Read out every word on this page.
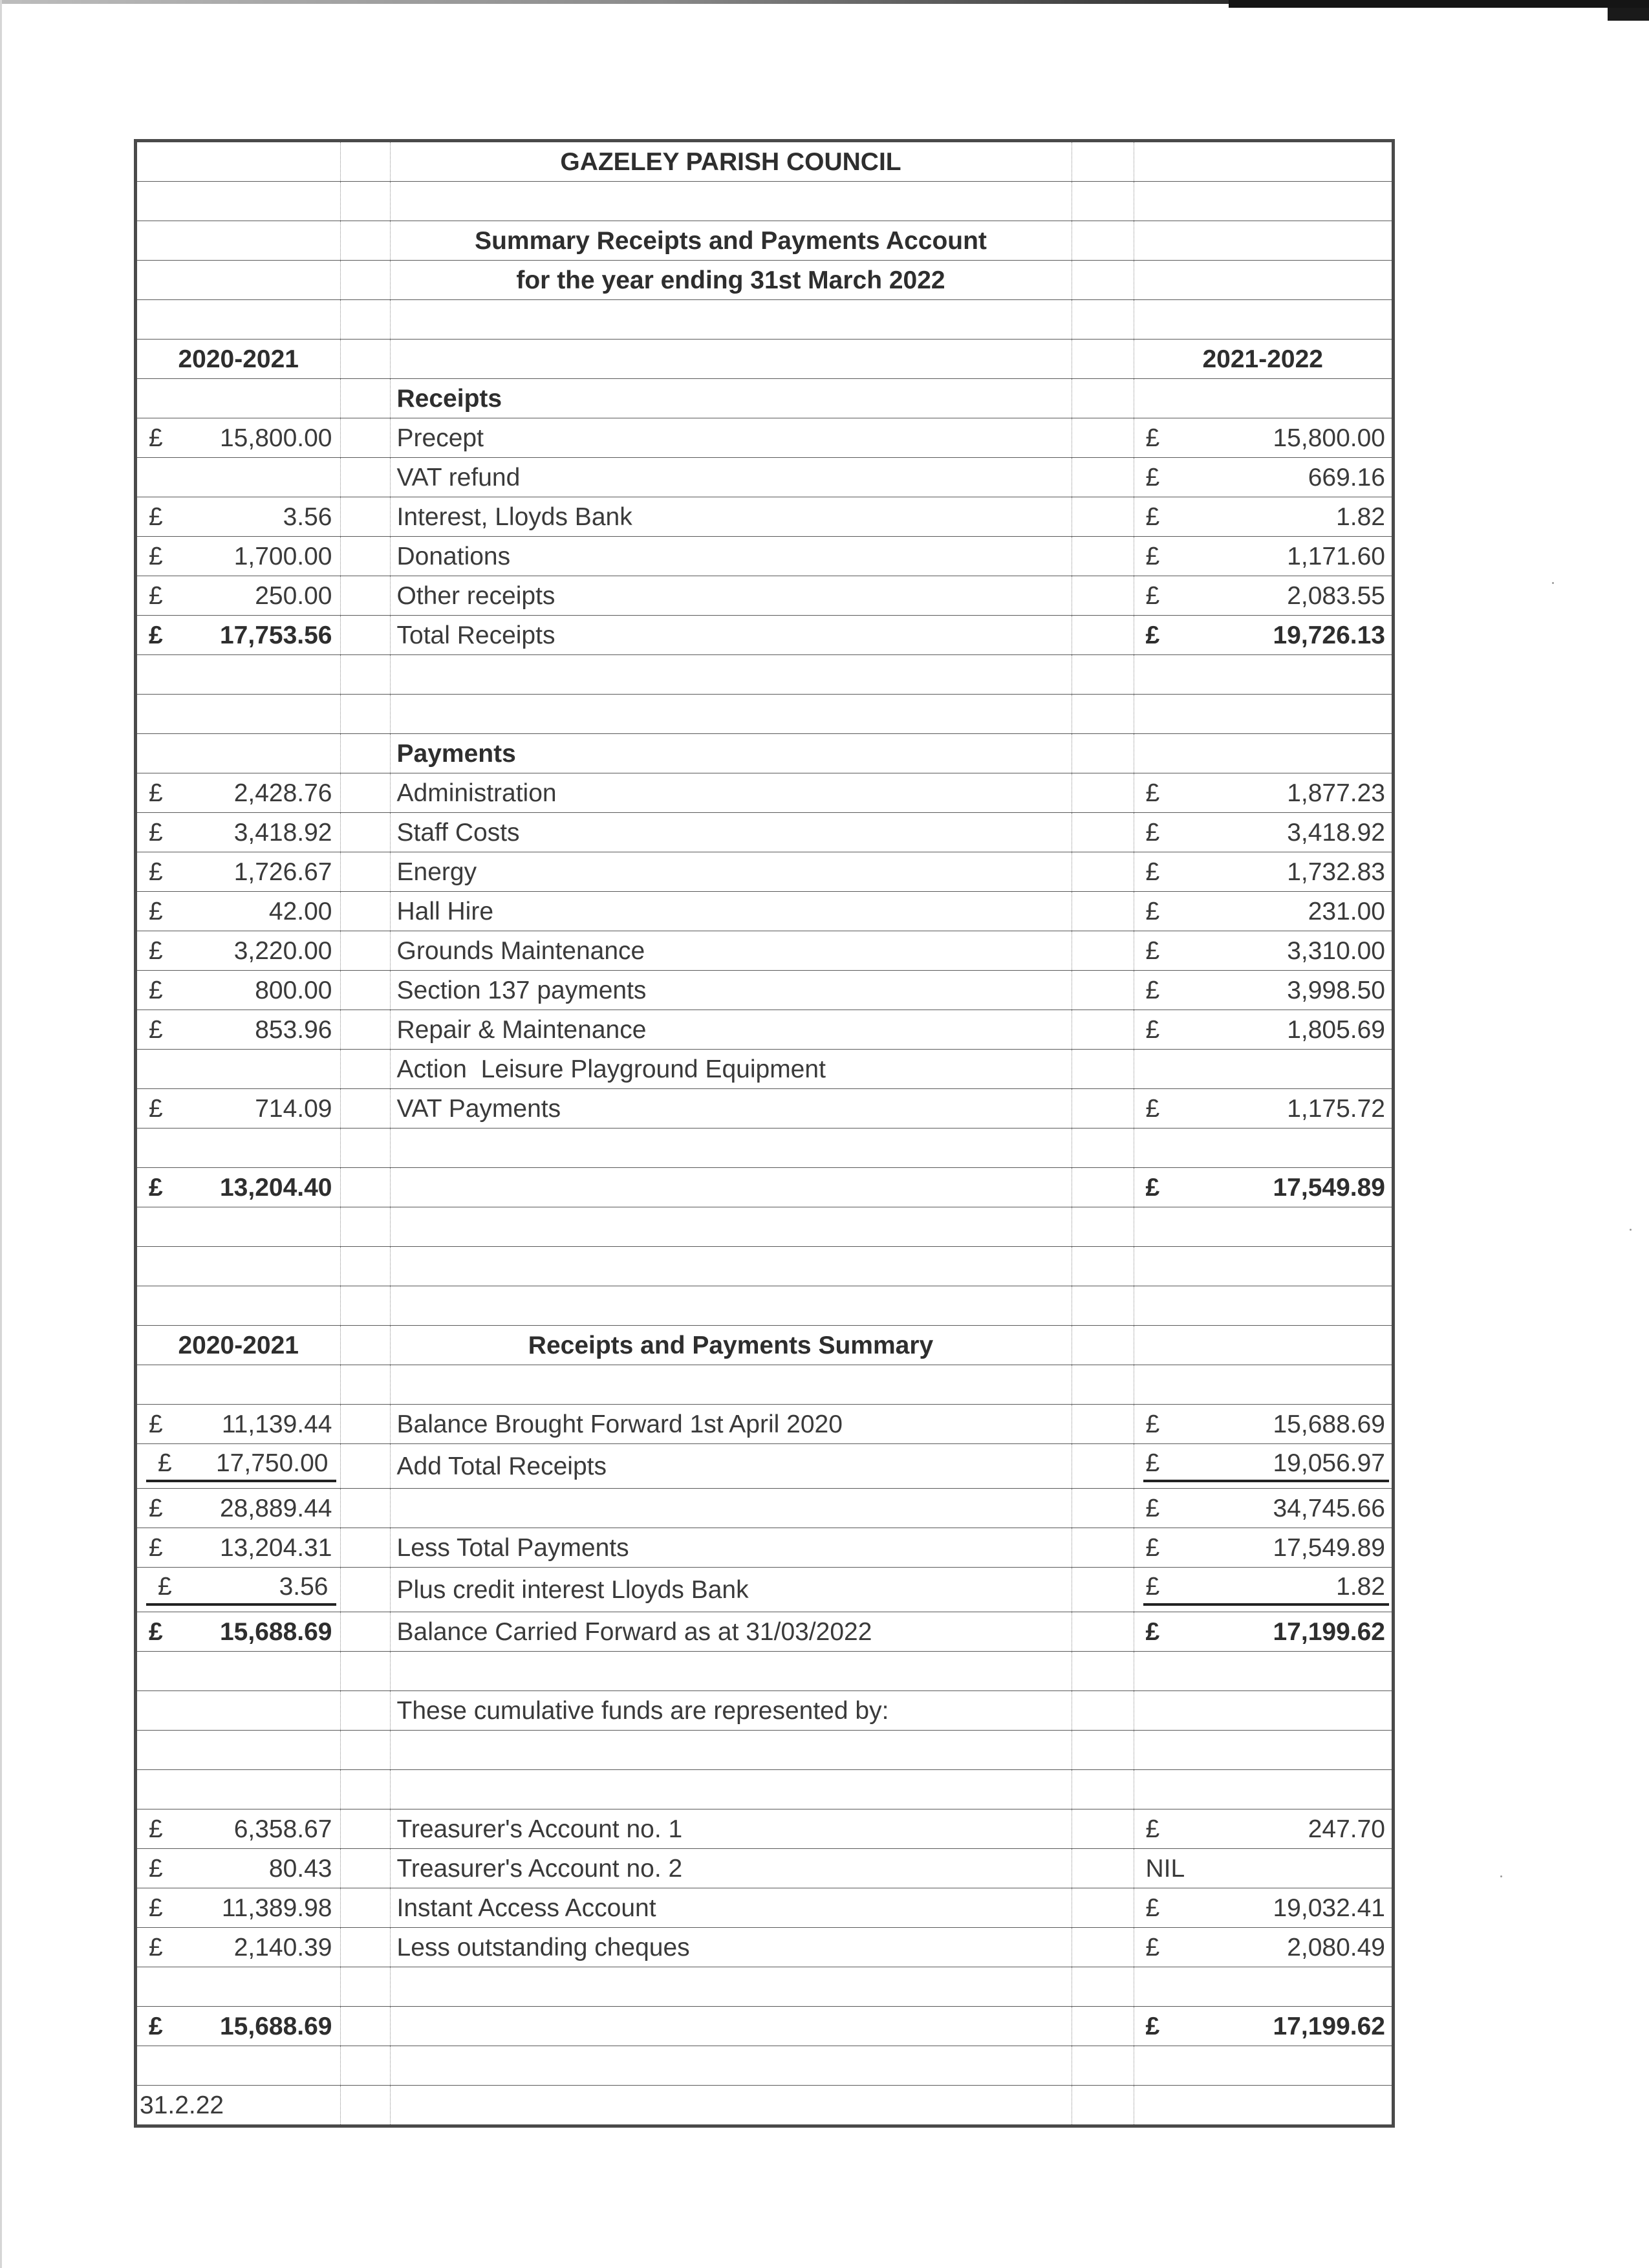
		GAZELEY PARISH COUNCIL		

		Summary Receipts and Payments Account		
		for the year ending 31st March 2022		

2020-2021				2021-2022
		Receipts		

£ 15,800.00		Precept		£ 15,800.00

		VAT refund		£ 669.16

£ 3.56		Interest, Lloyds Bank		£ 1.82

£ 1,700.00		Donations		£ 1,171.60

£ 250.00		Other receipts		£ 2,083.55

£ 17,753.56		Total Receipts		£ 19,726.13

		Payments		

£ 2,428.76		Administration		£ 1,877.23

£ 3,418.92		Staff Costs		£ 3,418.92

£ 1,726.67		Energy		£ 1,732.83

£ 42.00		Hall Hire		£ 231.00

£ 3,220.00		Grounds Maintenance		£ 3,310.00

£ 800.00		Section 137 payments		£ 3,998.50

£ 853.96		Repair & Maintenance		£ 1,805.69

		Action  Leisure Playground Equipment		

£ 714.09		VAT Payments		£ 1,175.72

£ 13,204.40				£ 17,549.89

2020-2021		Receipts and Payments Summary		

£ 11,139.44		Balance Brought Forward 1st April 2020		£ 15,688.69

£ 17,750.00		Add Total Receipts		£ 19,056.97

£ 28,889.44				£ 34,745.66

£ 13,204.31		Less Total Payments		£ 17,549.89

£ 3.56		Plus credit interest Lloyds Bank		£ 1.82

£ 15,688.69		Balance Carried Forward as at 31/03/2022		£ 17,199.62

		These cumulative funds are represented by:		

£ 6,358.67		Treasurer's Account no. 1		£ 247.70

£ 80.43		Treasurer's Account no. 2		NIL

£ 11,389.98		Instant Access Account		£ 19,032.41

£ 2,140.39		Less outstanding cheques		£ 2,080.49

£ 15,688.69				£ 17,199.62

31.2.22				
